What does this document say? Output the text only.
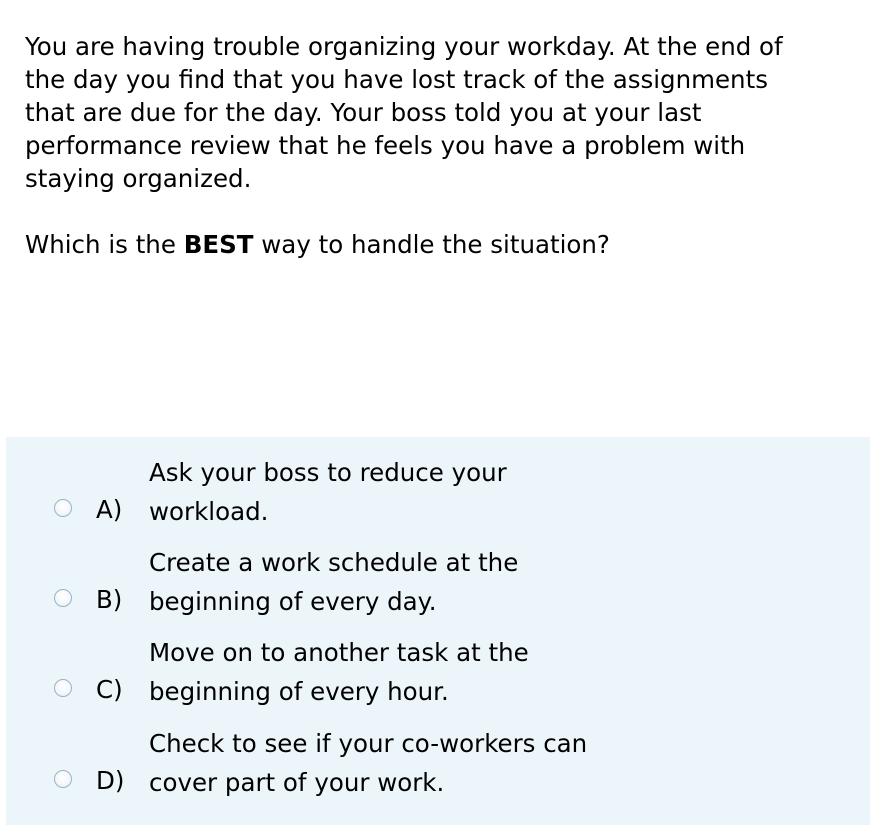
You are having trouble organizing your workday. At the end of
the day you find that you have lost track of the assignments
that are due for the day. Your boss told you at your last
performance review that he feels you have a problem with
staying organized.

Which is the BEST way to handle the situation?

A)
Ask your boss to reduce your
workload.
B)
Create a work schedule at the
beginning of every day.
C)
Move on to another task at the
beginning of every hour.
D)
Check to see if your co-workers can
cover part of your work.
